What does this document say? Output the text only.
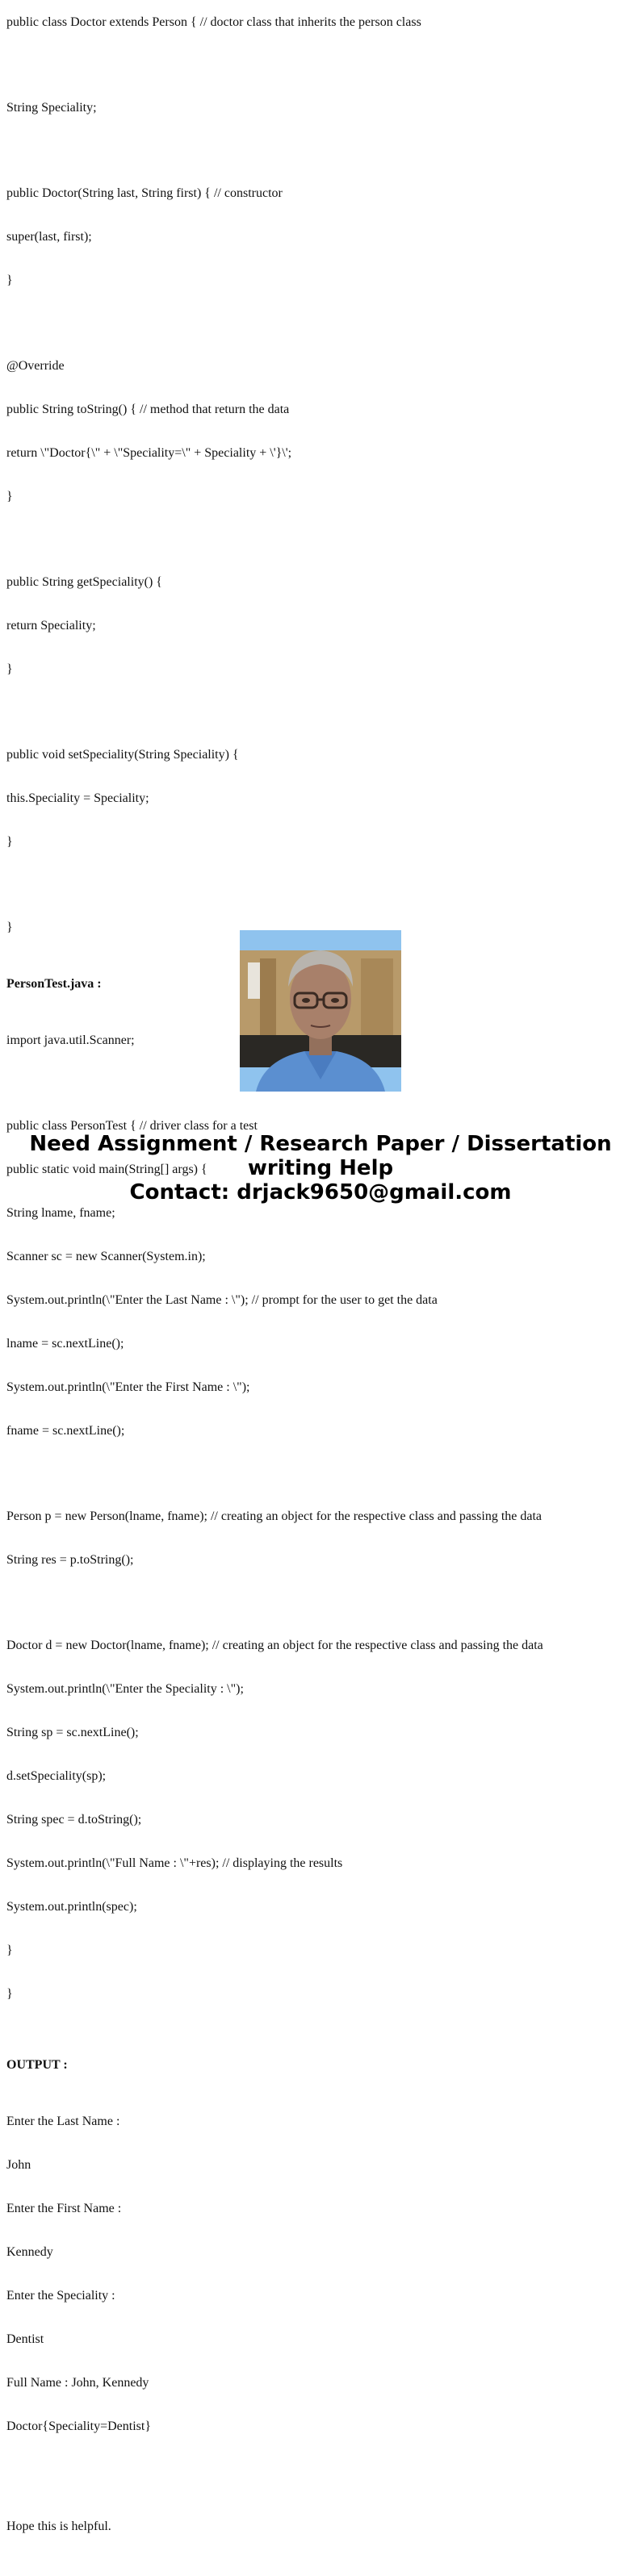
public class Doctor extends Person { // doctor class that inherits the person class

String Speciality;

public Doctor(String last, String first) { // constructor

super(last, first);

}

@Override

public String toString() { // method that return the data

return \"Doctor{\" + \"Speciality=\" + Speciality + \'}\';

}

public String getSpeciality() {

return Speciality;

}

public void setSpeciality(String Speciality) {

this.Speciality = Speciality;

}

}

PersonTest.java :

import java.util.Scanner;

public class PersonTest { // driver class for a test

public static void main(String[] args) {

String lname, fname;

Scanner sc = new Scanner(System.in);

System.out.println(\"Enter the Last Name : \"); // prompt for the user to get the data

lname = sc.nextLine();

System.out.println(\"Enter the First Name : \");

fname = sc.nextLine();

Person p = new Person(lname, fname); // creating an object for the respective class and passing the data

String res = p.toString();

Doctor d = new Doctor(lname, fname); // creating an object for the respective class and passing the data

System.out.println(\"Enter the Speciality : \");

String sp = sc.nextLine();

d.setSpeciality(sp);

String spec = d.toString();

System.out.println(\"Full Name : \"+res); // displaying the results

System.out.println(spec);

}

}

OUTPUT :

Enter the Last Name :

John

Enter the First Name :

Kennedy

Enter the Speciality :

Dentist

Full Name : John, Kennedy

Doctor{Speciality=Dentist}

Hope this is helpful.

Need Assignment / Research Paper / Dissertation
writing Help
Contact: drjack9650@gmail.com
